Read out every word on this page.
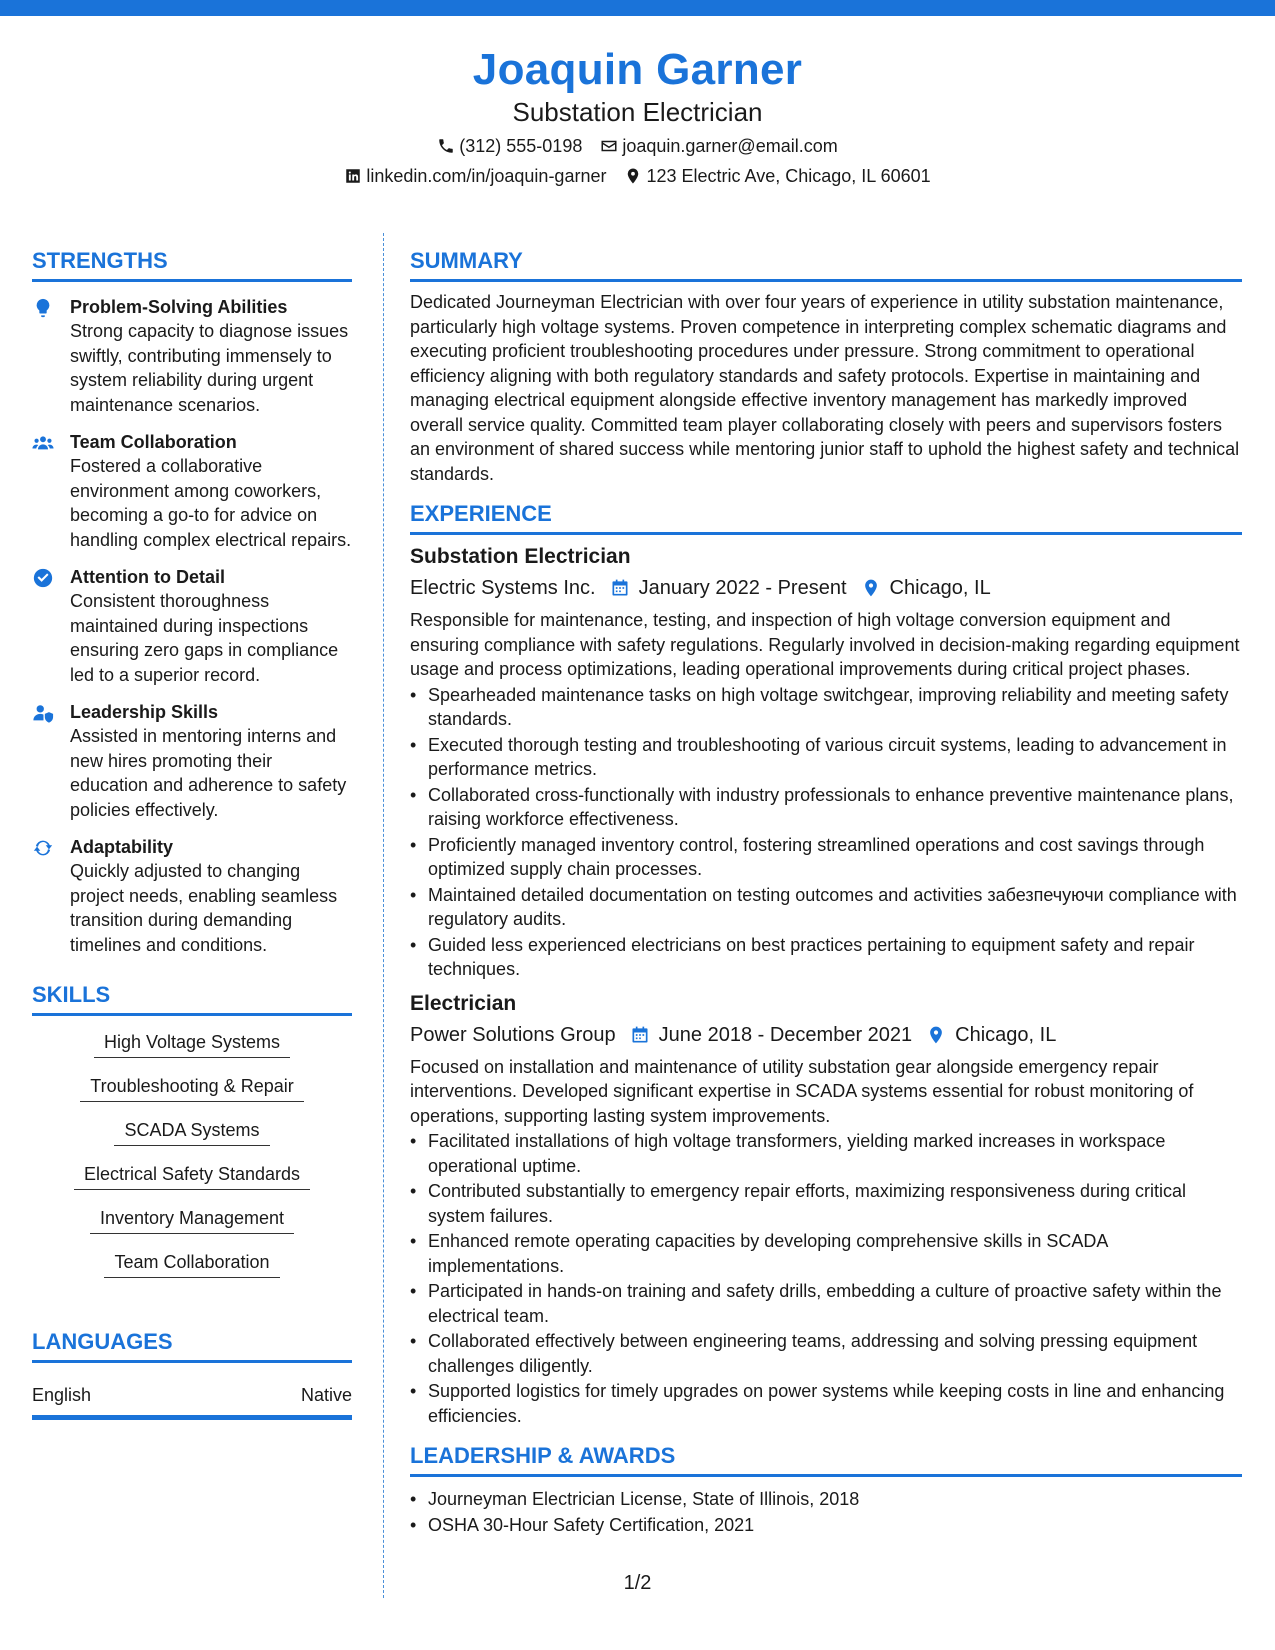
Joaquin Garner
Substation Electrician
(312) 555-0198 joaquin.garner@email.com
linkedin.com/in/joaquin-garner 123 Electric Ave, Chicago, IL 60601
STRENGTHS
Problem-Solving Abilities
Strong capacity to diagnose issues swiftly, contributing immensely to system reliability during urgent maintenance scenarios.
Team Collaboration
Fostered a collaborative environment among coworkers, becoming a go-to for advice on handling complex electrical repairs.
Attention to Detail
Consistent thoroughness maintained during inspections ensuring zero gaps in compliance led to a superior record.
Leadership Skills
Assisted in mentoring interns and new hires promoting their education and adherence to safety policies effectively.
Adaptability
Quickly adjusted to changing project needs, enabling seamless transition during demanding timelines and conditions.
SKILLS
High Voltage Systems
Troubleshooting & Repair
SCADA Systems
Electrical Safety Standards
Inventory Management
Team Collaboration
LANGUAGES
English	Native
SUMMARY
Dedicated Journeyman Electrician with over four years of experience in utility substation maintenance, particularly high voltage systems. Proven competence in interpreting complex schematic diagrams and executing proficient troubleshooting procedures under pressure. Strong commitment to operational efficiency aligning with both regulatory standards and safety protocols. Expertise in maintaining and managing electrical equipment alongside effective inventory management has markedly improved overall service quality. Committed team player collaborating closely with peers and supervisors fosters an environment of shared success while mentoring junior staff to uphold the highest safety and technical standards.
EXPERIENCE
Substation Electrician
Electric Systems Inc. January 2022 - Present Chicago, IL
Responsible for maintenance, testing, and inspection of high voltage conversion equipment and ensuring compliance with safety regulations. Regularly involved in decision-making regarding equipment usage and process optimizations, leading operational improvements during critical project phases.
• Spearheaded maintenance tasks on high voltage switchgear, improving reliability and meeting safety standards.
• Executed thorough testing and troubleshooting of various circuit systems, leading to advancement in performance metrics.
• Collaborated cross-functionally with industry professionals to enhance preventive maintenance plans, raising workforce effectiveness.
• Proficiently managed inventory control, fostering streamlined operations and cost savings through optimized supply chain processes.
• Maintained detailed documentation on testing outcomes and activities забезпечуючи compliance with regulatory audits.
• Guided less experienced electricians on best practices pertaining to equipment safety and repair techniques.
Electrician
Power Solutions Group June 2018 - December 2021 Chicago, IL
Focused on installation and maintenance of utility substation gear alongside emergency repair interventions. Developed significant expertise in SCADA systems essential for robust monitoring of operations, supporting lasting system improvements.
• Facilitated installations of high voltage transformers, yielding marked increases in workspace operational uptime.
• Contributed substantially to emergency repair efforts, maximizing responsiveness during critical system failures.
• Enhanced remote operating capacities by developing comprehensive skills in SCADA implementations.
• Participated in hands-on training and safety drills, embedding a culture of proactive safety within the electrical team.
• Collaborated effectively between engineering teams, addressing and solving pressing equipment challenges diligently.
• Supported logistics for timely upgrades on power systems while keeping costs in line and enhancing efficiencies.
LEADERSHIP & AWARDS
• Journeyman Electrician License, State of Illinois, 2018
• OSHA 30-Hour Safety Certification, 2021
1/2
